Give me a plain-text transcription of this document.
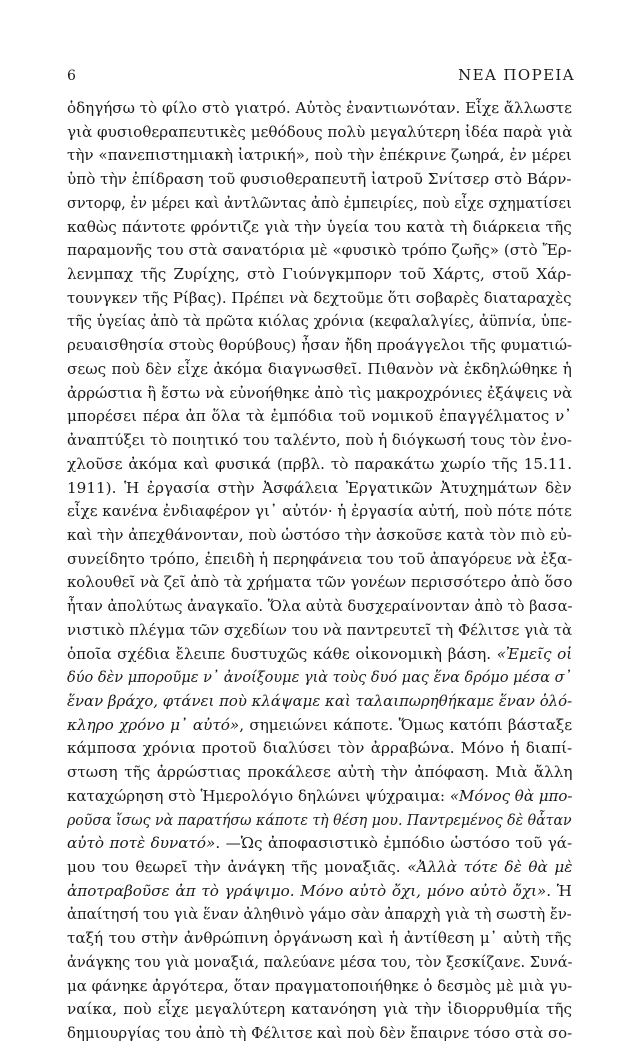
6	ΝΕΑ ΠΟΡΕΙΑ
ὁδηγήσω τὸ φίλο στὸ γιατρό. Αὐτὸς ἐναντιωνόταν. Εἶχε ἄλλωστε
γιὰ φυσιοθεραπευτικὲς μεθόδους πολὺ μεγαλύτερη ἰδέα παρὰ γιὰ
τὴν «πανεπιστημιακὴ ἰατρική», ποὺ τὴν ἐπέκρινε ζωηρά, ἐν μέρει
ὑπὸ τὴν ἐπίδραση τοῦ φυσιοθεραπευτῆ ἰατροῦ Σνίτσερ στὸ Βάρν-
σντορφ, ἐν μέρει καὶ ἀντλῶντας ἀπὸ ἐμπειρίες, ποὺ εἶχε σχηματίσει
καθὼς πάντοτε φρόντιζε γιὰ τὴν ὑγεία του κατὰ τὴ διάρκεια τῆς
παραμονῆς του στὰ σανατόρια μὲ «φυσικὸ τρόπο ζωῆς» (στὸ Ἔρ-
λενμπαχ τῆς Ζυρίχης, στὸ Γιούνγκμπορν τοῦ Χάρτς, στοῦ Χάρ-
τουνγκεν τῆς Ρίβας). Πρέπει νὰ δεχτοῦμε ὅτι σοβαρὲς διαταραχὲς
τῆς ὑγείας ἀπὸ τὰ πρῶτα κιόλας χρόνια (κεφαλαλγίες, ἀϋπνία, ὑπε-
ρευαισθησία στοὺς θορύβους) ἦσαν ἤδη προάγγελοι τῆς φυματιώ-
σεως ποὺ δὲν εἶχε ἀκόμα διαγνωσθεῖ. Πιθανὸν νὰ ἐκδηλώθηκε ἡ
ἀρρώστια ἢ ἔστω νὰ εὐνοήθηκε ἀπὸ τὶς μακροχρόνιες ἐξάψεις νὰ
μπορέσει πέρα ἀπ ὅλα τὰ ἐμπόδια τοῦ νομικοῦ ἐπαγγέλματος ν᾽
ἀναπτύξει τὸ ποιητικό του ταλέντο, ποὺ ἡ διόγκωσή τους τὸν ἐνο-
χλοῦσε ἀκόμα καὶ φυσικά (πρβλ. τὸ παρακάτω χωρίο τῆς 15.11.
1911). Ἡ ἐργασία στὴν Ἀσφάλεια Ἐργατικῶν Ἀτυχημάτων δὲν
εἶχε κανένα ἐνδιαφέρον γι᾽ αὐτόν· ἡ ἐργασία αὐτή, ποὺ πότε πότε
καὶ τὴν ἀπεχθάνονταν, ποὺ ὡστόσο τὴν ἀσκοῦσε κατὰ τὸν πιὸ εὐ-
συνείδητο τρόπο, ἐπειδὴ ἡ περηφάνεια του τοῦ ἀπαγόρευε νὰ ἐξα-
κολουθεῖ νὰ ζεῖ ἀπὸ τὰ χρήματα τῶν γονέων περισσότερο ἀπὸ ὅσο
ἦταν ἀπολύτως ἀναγκαῖο. Ὅλα αὐτὰ δυσχεραίνονταν ἀπὸ τὸ βασα-
νιστικὸ πλέγμα τῶν σχεδίων του νὰ παντρευτεῖ τὴ Φέλιτσε γιὰ τὰ
ὁποῖα σχέδια ἔλειπε δυστυχῶς κάθε οἰκονομικὴ βάση. «Ἐμεῖς οἱ
δύο δὲν μποροῦμε ν᾽ ἀνοίξουμε γιὰ τοὺς δυό μας ἕνα δρόμο μέσα σ᾽
ἕναν βράχο, φτάνει ποὺ κλάψαμε καὶ ταλαιπωρηθήκαμε ἕναν ὁλό-
κληρο χρόνο μ᾽ αὐτό», σημειώνει κάποτε. Ὅμως κατόπι βάσταξε
κάμποσα χρόνια προτοῦ διαλύσει τὸν ἀρραβώνα. Μόνο ἡ διαπί-
στωση τῆς ἀρρώστιας προκάλεσε αὐτὴ τὴν ἀπόφαση. Μιὰ ἄλλη
καταχώρηση στὸ Ἡμερολόγιο δηλώνει ψύχραιμα: «Μόνος θὰ μπο-
ροῦσα ἴσως νὰ παρατήσω κάποτε τὴ θέση μου. Παντρεμένος δὲ θἆταν
αὐτὸ ποτὲ δυνατό». —Ὡς ἀποφασιστικὸ ἐμπόδιο ὡστόσο τοῦ γά-
μου του θεωρεῖ τὴν ἀνάγκη τῆς μοναξιᾶς. «Ἀλλὰ τότε δὲ θὰ μὲ
ἀποτραβοῦσε ἀπ τὸ γράψιμο. Μόνο αὐτὸ ὄχι, μόνο αὐτὸ ὄχι». Ἡ
ἀπαίτησή του γιὰ ἕναν ἀληθινὸ γάμο σὰν ἀπαρχὴ γιὰ τὴ σωστὴ ἔν-
ταξή του στὴν ἀνθρώπινη ὀργάνωση καὶ ἡ ἀντίθεση μ᾽ αὐτὴ τῆς
ἀνάγκης του γιὰ μοναξιά, παλεύανε μέσα του, τὸν ξεσκίζανε. Συνά-
μα φάνηκε ἀργότερα, ὅταν πραγματοποιήθηκε ὁ δεσμὸς μὲ μιὰ γυ-
ναίκα, ποὺ εἶχε μεγαλύτερη κατανόηση γιὰ τὴν ἰδιορρυθμία τῆς
δημιουργίας του ἀπὸ τὴ Φέλιτσε καὶ ποὺ δὲν ἔπαιρνε τόσο στὰ σο-
